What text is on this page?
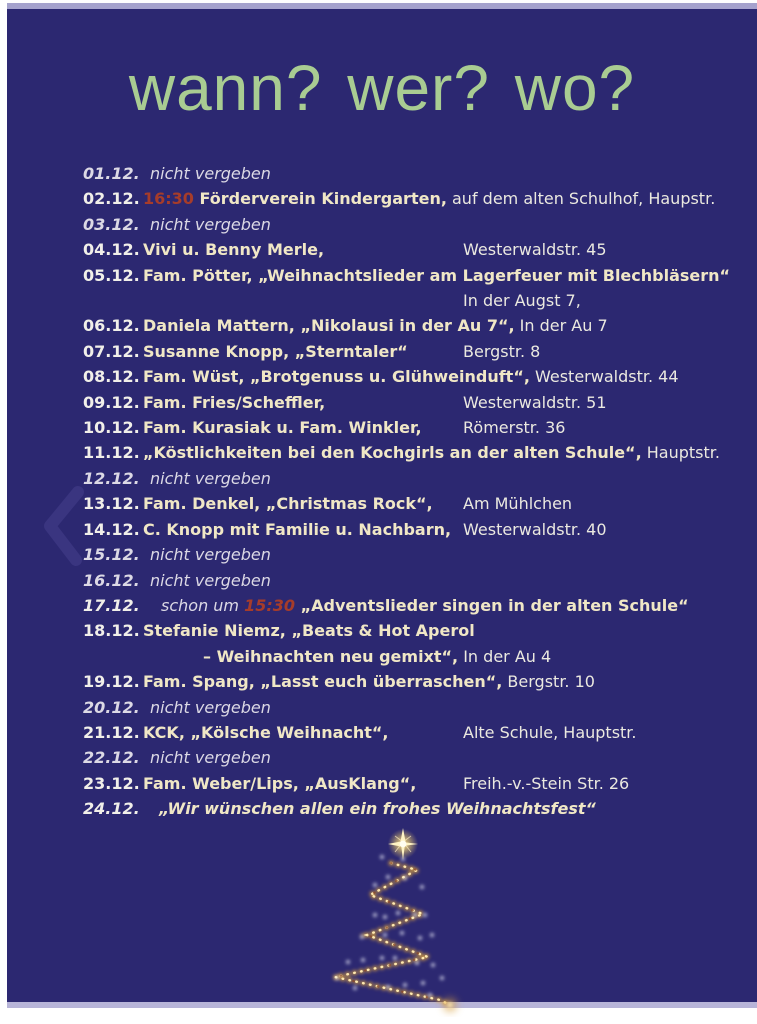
wann? wer? wo?
01.12. nicht vergeben
02.12. 16:30 Förderverein Kindergarten, auf dem alten Schulhof, Haupstr.
03.12. nicht vergeben
04.12. Vivi u. Benny Merle,	Westerwaldstr. 45
05.12. Fam. Pötter, „Weihnachtslieder am Lagerfeuer mit Blechbläsern“
In der Augst 7,
06.12. Daniela Mattern, „Nikolausi in der Au 7“, In der Au 7
07.12. Susanne Knopp, „Sterntaler“	Bergstr. 8
08.12. Fam. Wüst, „Brotgenuss u. Glühweinduft“, Westerwaldstr. 44
09.12. Fam. Fries/Scheffler,	Westerwaldstr. 51
10.12. Fam. Kurasiak u. Fam. Winkler,	Römerstr. 36
11.12. „Köstlichkeiten bei den Kochgirls an der alten Schule“, Hauptstr.
12.12. nicht vergeben
13.12. Fam. Denkel, „Christmas Rock“, Am Mühlchen
14.12. C. Knopp mit Familie u. Nachbarn, Westerwaldstr. 40
15.12. nicht vergeben
16.12. nicht vergeben
17.12. schon um 15:30 „Adventslieder singen in der alten Schule“
18.12. Stefanie Niemz, „Beats & Hot Aperol
– Weihnachten neu gemixt“, In der Au 4
19.12. Fam. Spang, „Lasst euch überraschen“, Bergstr. 10
20.12. nicht vergeben
21.12. KCK, „Kölsche Weihnacht“,	Alte Schule, Hauptstr.
22.12. nicht vergeben
23.12. Fam. Weber/Lips, „AusKlang“,	Freih.-v.-Stein Str. 26
24.12. „Wir wünschen allen ein frohes Weihnachtsfest“
